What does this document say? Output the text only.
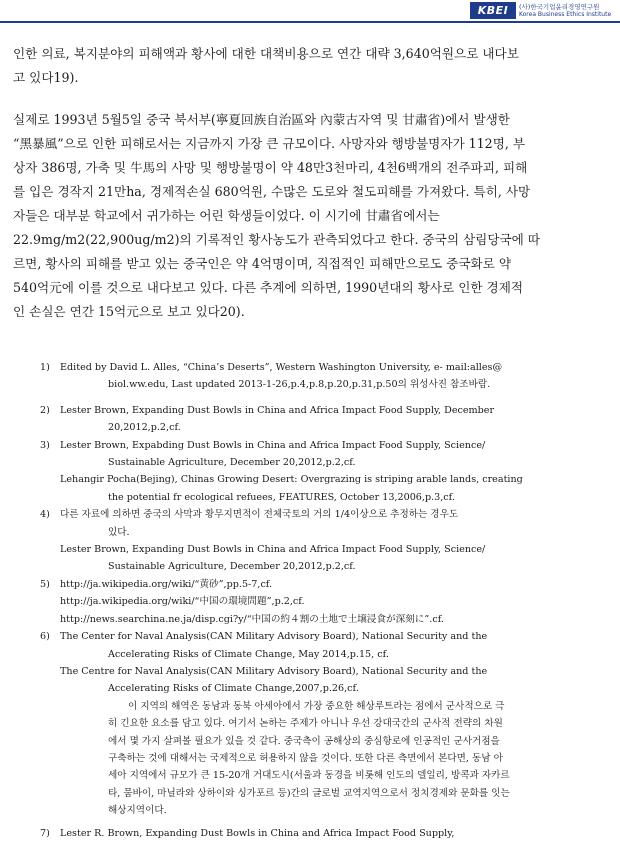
KBEI	(사)한국기업윤리경영연구원
Korea Business Ethics Institute

인한 의료, 복지분야의 피해액과 황사에 대한 대책비용으로 연간 대략 3,640억원으로 내다보
고 있다19).

실제로 1993년 5월5일 중국 북서부(寧夏回族自治區와 內蒙古자역 및 甘肅省)에서 발생한
“黑暴風”으로 인한 피해로서는 지금까지 가장 큰 규모이다. 사망자와 행방불명자가 112명, 부
상자 386명, 가축 및 牛馬의 사망 및 행방불명이 약 48만3천마리, 4천6백개의 전주파괴, 피해
를 입은 경작지 21만ha, 경제적손실 680억원, 수많은 도로와 철도피해를 가져왔다. 특히, 사망
자들은 대부분 학교에서 귀가하는 어린 학생들이었다. 이 시기에 甘肅省에서는
22.9mg/m2(22,900ug/m2)의 기록적인 황사농도가 관측되었다고 한다. 중국의 삼림당국에 따
르면, 황사의 피해를 받고 있는 중국인은 약 4억명이며, 직접적인 피해만으로도 중국화로 약
540억元에 이를 것으로 내다보고 있다. 다른 추계에 의하면, 1990년대의 황사로 인한 경제적
인 손실은 연간 15억元으로 보고 있다20).

1) Edited by David L. Alles, “China’s Deserts”, Western Washington University, e- mail:alles@
biol.ww.edu, Last updated 2013-1-26,p.4,p.8,p.20,p.31,p.50의 위성사진 참조바람.
2) Lester Brown, Expanding Dust Bowls in China and Africa Impact Food Supply, December
20,2012,p.2,cf.
3) Lester Brown, Expabding Dust Bowls in China and Africa Impact Food Supply, Science/
Sustainable Agriculture, December 20,2012,p.2,cf.
Lehangir Pocha(Bejing), Chinas Growing Desert: Overgrazing is striping arable lands, creating
the potential fr ecological refuees, FEATURES, October 13,2006,p.3,cf.
4) 다른 자료에 의하면 중국의 사막과 황무지면적이 전체국토의 거의 1/4이상으로 추정하는 경우도
있다.
Lester Brown, Expanding Dust Bowls in China and Africa Impact Food Supply, Science/
Sustainable Agriculture, December 20,2012,p.2,cf.
5) http://ja.wikipedia.org/wiki/“黄砂”,pp.5-7,cf.
http://ja.wikipedia.org/wiki/“中国の環境問題”,p.2,cf.
http://news.searchina.ne.ja/disp.cgi?y/“中国の約４割の土地で土壌浸食が深刻に”.cf.
6) The Center for Naval Analysis(CAN Military Advisory Board), National Security and the
Accelerating Risks of Climate Change, May 2014,p.15, cf.
The Centre for Naval Analysis(CAN Military Advisory Board), National Security and the
Accelerating Risks of Climate Change,2007,p.26,cf.
이 지역의 해역은 동남과 동북 아세아에서 가장 중요한 해상루트라는 점에서 군사적으로 극
히 긴요한 요소를 담고 있다. 여기서 논하는 주제가 아니나 우선 강대국간의 군사적 전략의 차원
에서 몇 가지 살펴볼 필요가 있을 것 같다. 중국측이 공해상의 중심항로에 인공적인 군사거점을
구축하는 것에 대해서는 국제적으로 허용하지 않을 것이다. 또한 다른 측면에서 본다면, 동남 아
세아 지역에서 규모가 큰 15-20개 거대도시(서울과 동경을 비롯해 인도의 델일리, 방콕과 자카르
타, 뭄바이, 마닐라와 상하이와 싱가포르 등)간의 글로벌 교역지역으로서 정치경제와 문화를 잇는
해상지역이다.
7) Lester R. Brown, Expanding Dust Bowls in China and Africa Impact Food Supply,
